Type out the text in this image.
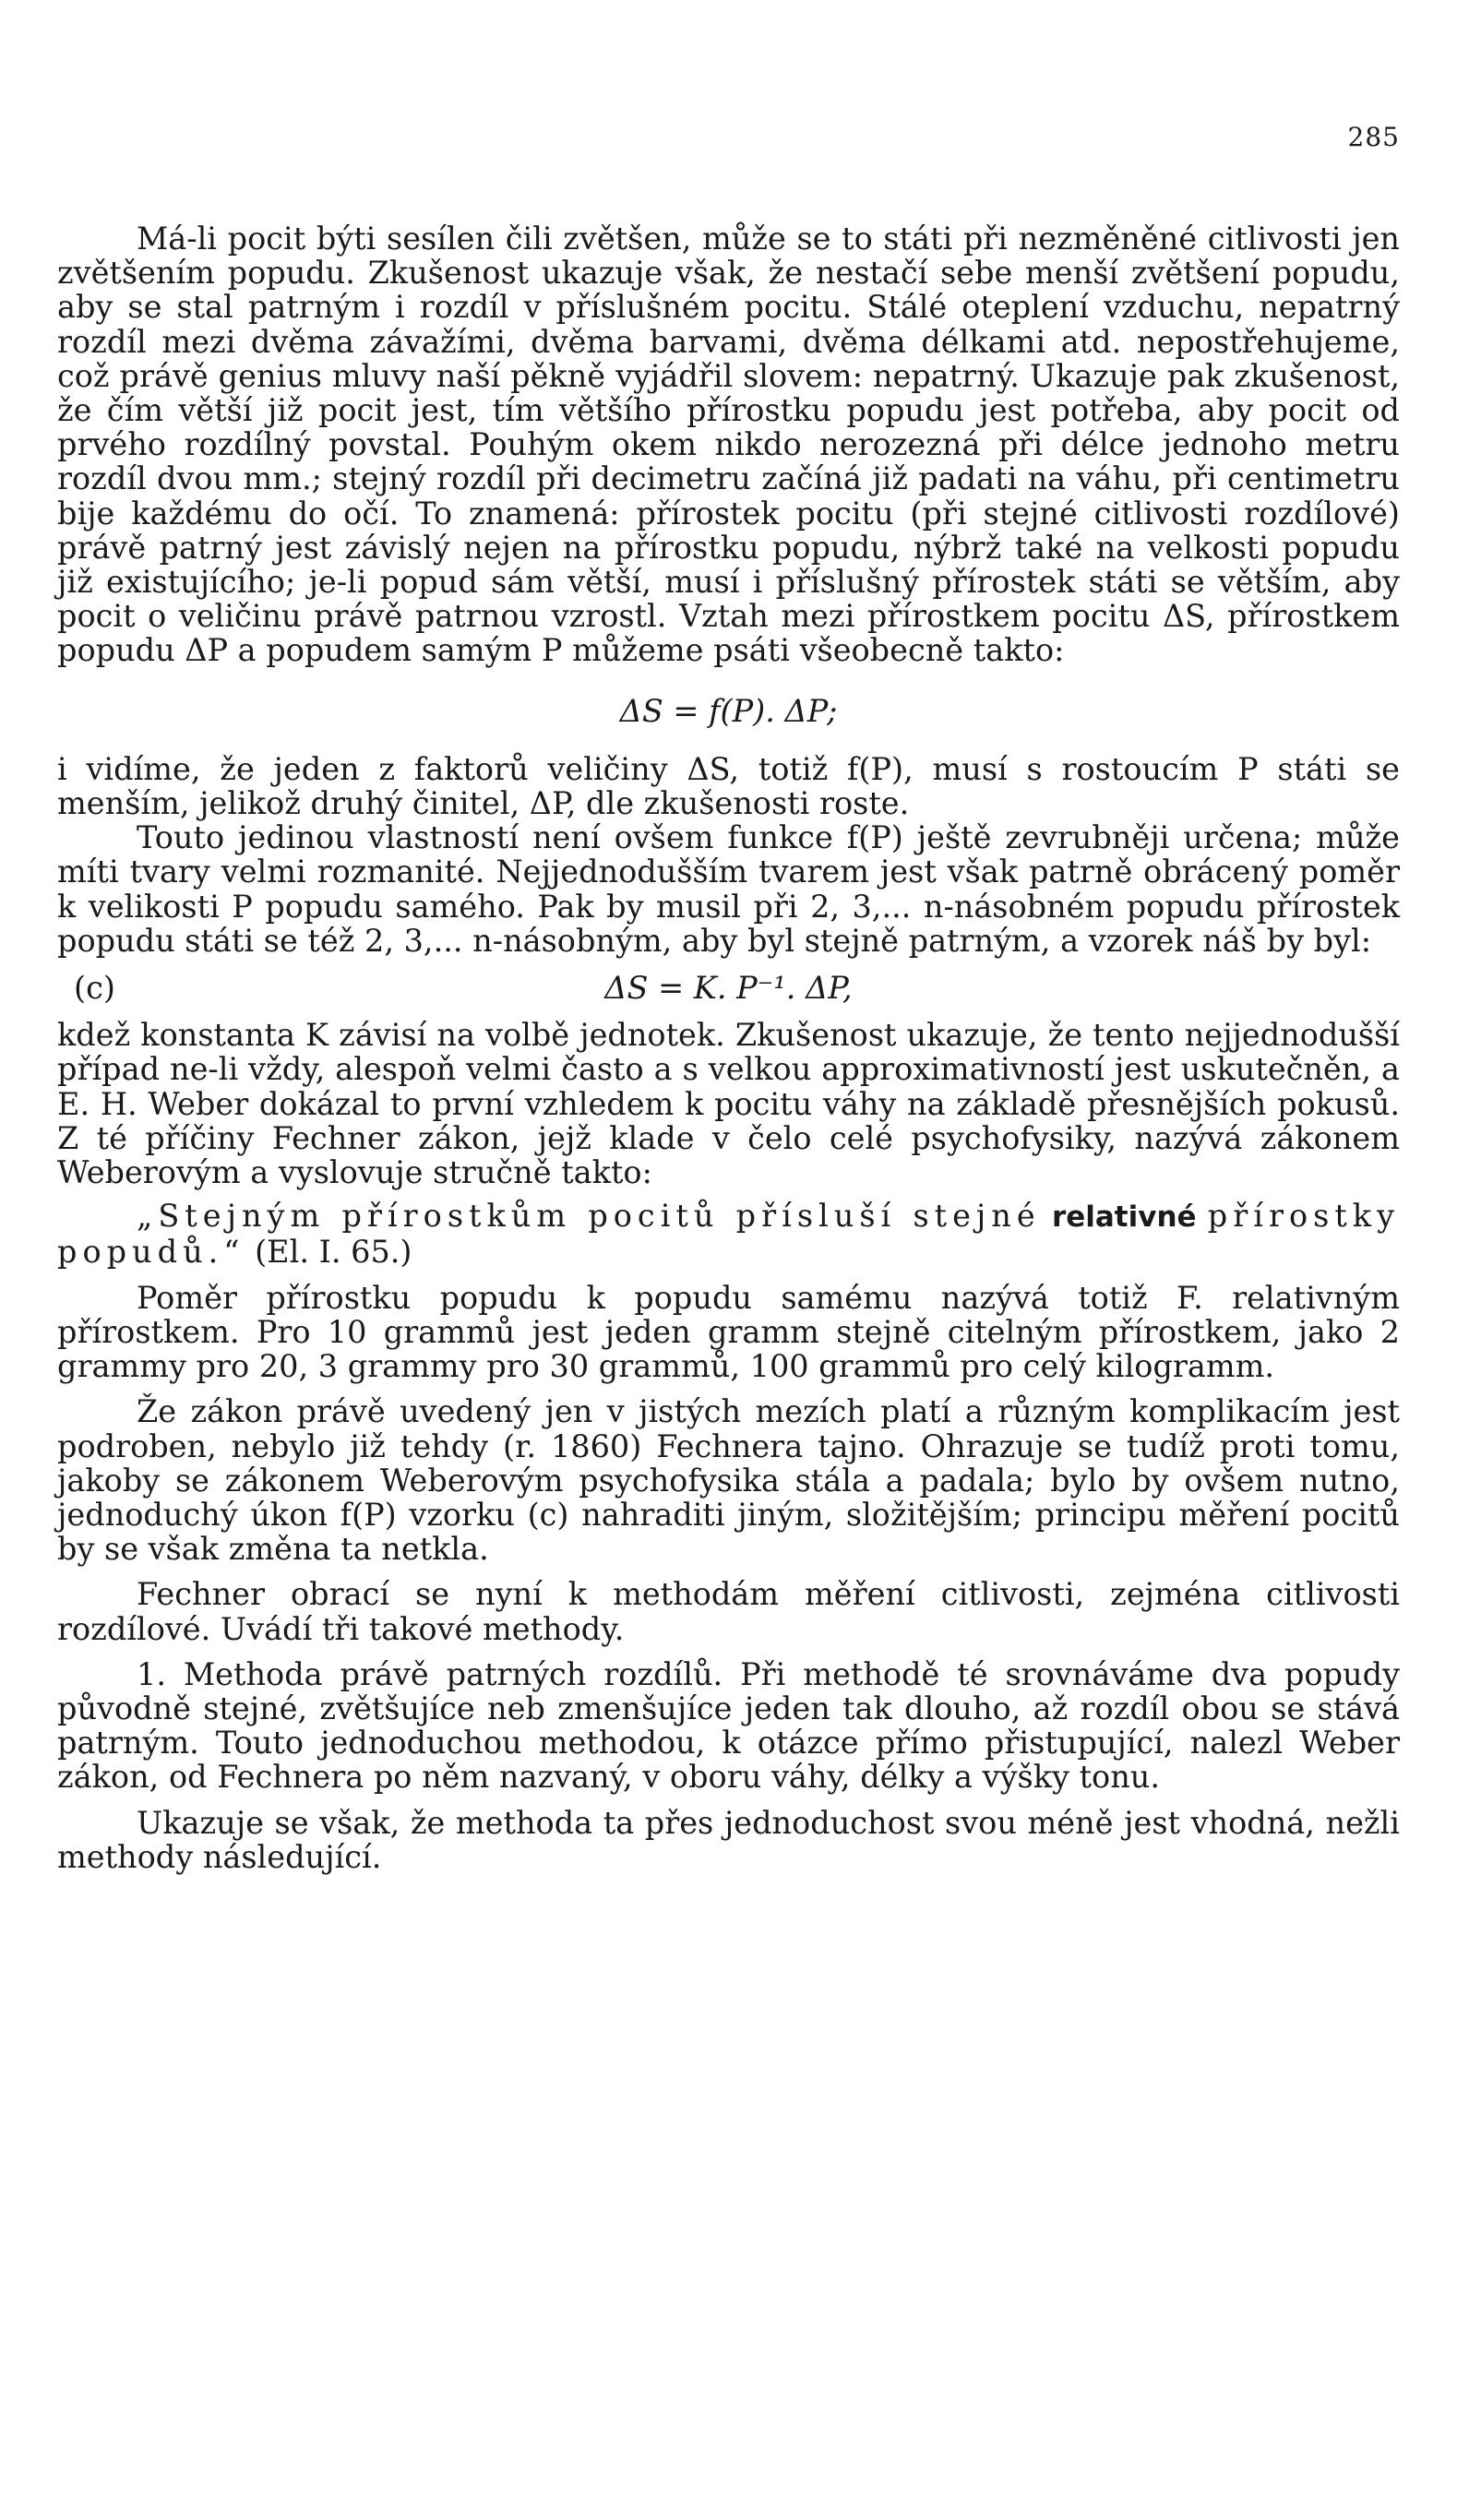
285

Má-li pocit býti sesílen čili zvětšen, může se to státi při nezměněné citlivosti jen zvětšením popudu. Zkušenost ukazuje však, že nestačí sebe menší zvětšení popudu, aby se stal patrným i rozdíl v příslušném pocitu. Stálé oteplení vzduchu, nepatrný rozdíl mezi dvěma závažími, dvěma barvami, dvěma délkami atd. nepostřehujeme, což právě genius mluvy naší pěkně vyjádřil slovem: nepatrný. Ukazuje pak zkušenost, že čím větší již pocit jest, tím většího přírostku popudu jest potřeba, aby pocit od prvého rozdílný povstal. Pouhým okem nikdo nerozezná při délce jednoho metru rozdíl dvou mm.; stejný rozdíl při decimetru začíná již padati na váhu, při centimetru bije každému do očí. To znamená: přírostek pocitu (při stejné citlivosti rozdílové) právě patrný jest závislý nejen na přírostku popudu, nýbrž také na velkosti popudu již existujícího; je-li popud sám větší, musí i příslušný přírostek státi se větším, aby pocit o veličinu právě patrnou vzrostl. Vztah mezi přírostkem pocitu ΔS, přírostkem popudu ΔP a popudem samým P můžeme psáti všeobecně takto:

ΔS = f(P). ΔP;

i vidíme, že jeden z faktorů veličiny ΔS, totiž f(P), musí s rostoucím P státi se menším, jelikož druhý činitel, ΔP, dle zkušenosti roste.

Touto jedinou vlastností není ovšem funkce f(P) ještě zevrubněji určena; může míti tvary velmi rozmanité. Nejjednodušším tvarem jest však patrně obrácený poměr k velikosti P popudu samého. Pak by musil při 2, 3,... n-násobném popudu přírostek popudu státi se též 2, 3,... n-násobným, aby byl stejně patrným, a vzorek náš by byl:

(c)	ΔS = K. P⁻¹. ΔP,

kdež konstanta K závisí na volbě jednotek. Zkušenost ukazuje, že tento nejjednodušší případ ne-li vždy, alespoň velmi často a s velkou approximativností jest uskutečněn, a E. H. Weber dokázal to první vzhledem k pocitu váhy na základě přesnějších pokusů. Z té příčiny Fechner zákon, jejž klade v čelo celé psychofysiky, nazývá zákonem Weberovým a vyslovuje stručně takto:

„Stejným přírostkům pocitů přísluší stejné relativné přírostky popudů.“ (El. I. 65.)

Poměr přírostku popudu k popudu samému nazývá totiž F. relativným přírostkem. Pro 10 grammů jest jeden gramm stejně citelným přírostkem, jako 2 grammy pro 20, 3 grammy pro 30 grammů, 100 grammů pro celý kilogramm.

Že zákon právě uvedený jen v jistých mezích platí a různým komplikacím jest podroben, nebylo již tehdy (r. 1860) Fechnera tajno. Ohrazuje se tudíž proti tomu, jakoby se zákonem Weberovým psychofysika stála a padala; bylo by ovšem nutno, jednoduchý úkon f(P) vzorku (c) nahraditi jiným, složitějším; principu měření pocitů by se však změna ta netkla.

Fechner obrací se nyní k methodám měření citlivosti, zejména citlivosti rozdílové. Uvádí tři takové methody.

1. Methoda právě patrných rozdílů. Při methodě té srovnáváme dva popudy původně stejné, zvětšujíce neb zmenšujíce jeden tak dlouho, až rozdíl obou se stává patrným. Touto jednoduchou methodou, k otázce přímo přistupující, nalezl Weber zákon, od Fechnera po něm nazvaný, v oboru váhy, délky a výšky tonu.

Ukazuje se však, že methoda ta přes jednoduchost svou méně jest vhodná, nežli methody následující.
